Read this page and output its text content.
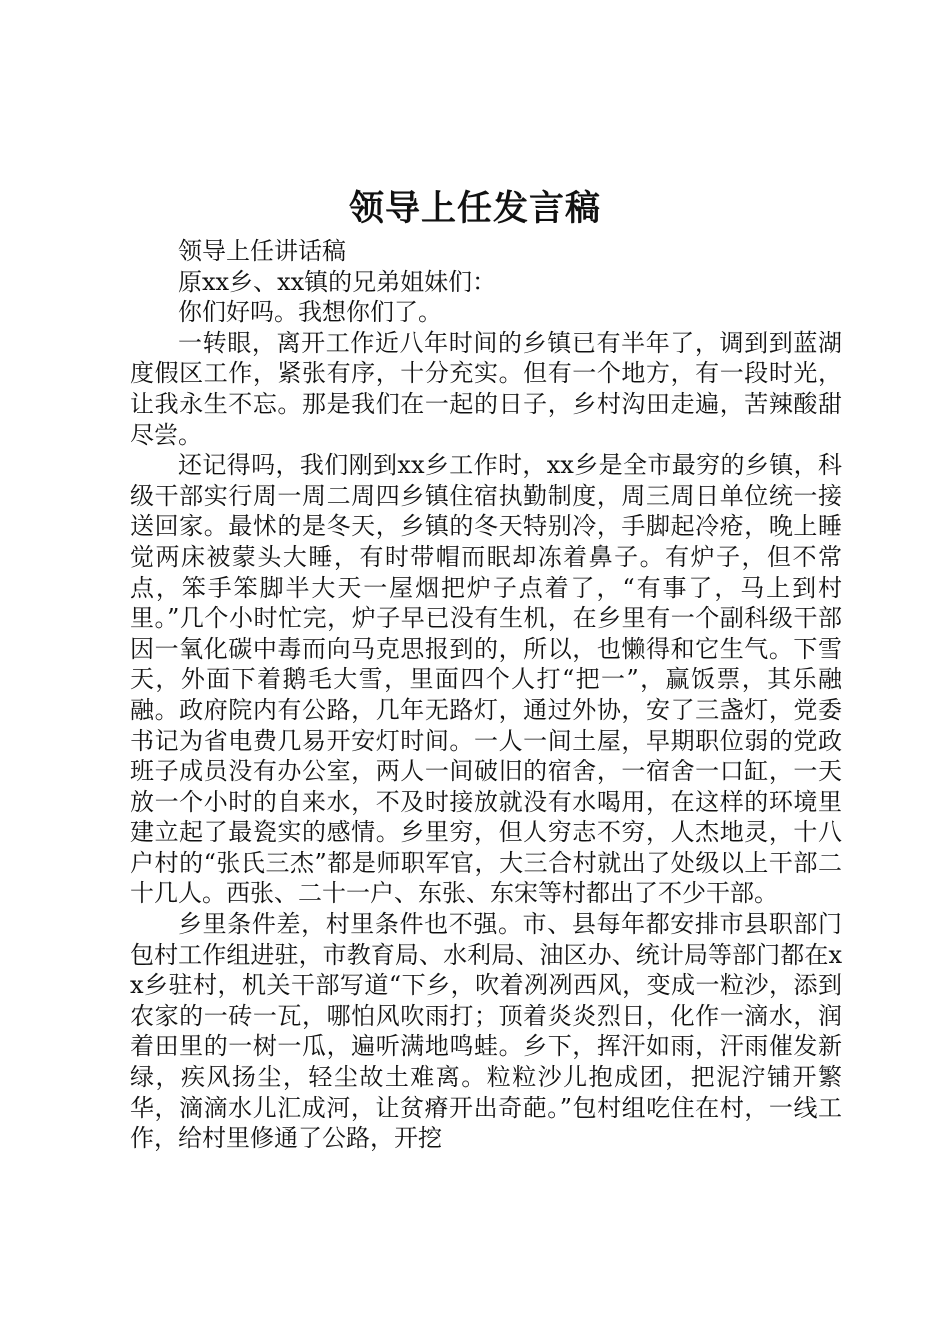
领导上任发言稿

领导上任讲话稿

原xx乡、xx镇的兄弟姐妹们：

你们好吗。我想你们了。

一转眼，离开工作近八年时间的乡镇已有半年了，调到到蓝湖度假区工作，紧张有序，十分充实。但有一个地方，有一段时光，让我永生不忘。那是我们在一起的日子，乡村沟田走遍，苦辣酸甜尽尝。

还记得吗，我们刚到xx乡工作时，xx乡是全市最穷的乡镇，科级干部实行周一周二周四乡镇住宿执勤制度，周三周日单位统一接送回家。最怵的是冬天，乡镇的冬天特别冷，手脚起冷疮，晚上睡觉两床被蒙头大睡，有时带帽而眠却冻着鼻子。有炉子，但不常点，笨手笨脚半大天一屋烟把炉子点着了，“有事了，马上到村里。”几个小时忙完，炉子早已没有生机，在乡里有一个副科级干部因一氧化碳中毒而向马克思报到的，所以，也懒得和它生气。下雪天，外面下着鹅毛大雪，里面四个人打“把一”，赢饭票，其乐融融。政府院内有公路，几年无路灯，通过外协，安了三盏灯，党委书记为省电费几易开安灯时间。一人一间土屋，早期职位弱的党政班子成员没有办公室，两人一间破旧的宿舍，一宿舍一口缸，一天放一个小时的自来水，不及时接放就没有水喝用，在这样的环境里建立起了最瓷实的感情。乡里穷，但人穷志不穷，人杰地灵，十八户村的“张氏三杰”都是师职军官，大三合村就出了处级以上干部二十几人。西张、二十一户、东张、东宋等村都出了不少干部。

乡里条件差，村里条件也不强。市、县每年都安排市县职部门包村工作组进驻，市教育局、水利局、油区办、统计局等部门都在xx乡驻村，机关干部写道“下乡，吹着冽冽西风，变成一粒沙，添到农家的一砖一瓦，哪怕风吹雨打；顶着炎炎烈日，化作一滴水，润着田里的一树一瓜，遍听满地鸣蛙。乡下，挥汗如雨，汗雨催发新绿，疾风扬尘，轻尘故土难离。粒粒沙儿抱成团，把泥泞铺开繁华，滴滴水儿汇成河，让贫瘠开出奇葩。”包村组吃住在村，一线工作，给村里修通了公路，开挖
